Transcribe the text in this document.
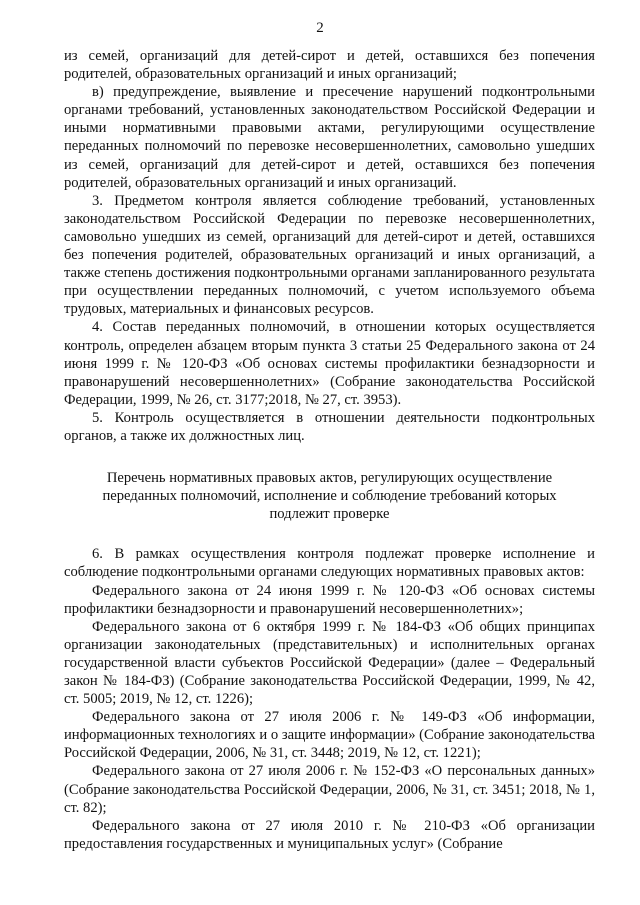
2

из семей, организаций для детей-сирот и детей, оставшихся без попечения родителей, образовательных организаций и иных организаций;

в) предупреждение, выявление и пресечение нарушений подконтрольными органами требований, установленных законодательством Российской Федерации и иными нормативными правовыми актами, регулирующими осуществление переданных полномочий по перевозке несовершеннолетних, самовольно ушедших из семей, организаций для детей-сирот и детей, оставшихся без попечения родителей, образовательных организаций и иных организаций.

3. Предметом контроля является соблюдение требований, установленных законодательством Российской Федерации по перевозке несовершеннолетних, самовольно ушедших из семей, организаций для детей-сирот и детей, оставшихся без попечения родителей, образовательных организаций и иных организаций, а также степень достижения подконтрольными органами запланированного результата при осуществлении переданных полномочий, с учетом используемого объема трудовых, материальных и финансовых ресурсов.

4. Состав переданных полномочий, в отношении которых осуществляется контроль, определен абзацем вторым пункта 3 статьи 25 Федерального закона от 24 июня 1999 г. № 120-ФЗ «Об основах системы профилактики безнадзорности и правонарушений несовершеннолетних» (Собрание законодательства Российской Федерации, 1999, № 26, ст. 3177;2018, № 27, ст. 3953).

5. Контроль осуществляется в отношении деятельности подконтрольных органов, а также их должностных лиц.

Перечень нормативных правовых актов, регулирующих осуществление переданных полномочий, исполнение и соблюдение требований которых подлежит проверке

6. В рамках осуществления контроля подлежат проверке исполнение и соблюдение подконтрольными органами следующих нормативных правовых актов:

Федерального закона от 24 июня 1999 г. № 120-ФЗ «Об основах системы профилактики безнадзорности и правонарушений несовершеннолетних»;

Федерального закона от 6 октября 1999 г. № 184-ФЗ «Об общих принципах организации законодательных (представительных) и исполнительных органах государственной власти субъектов Российской Федерации» (далее – Федеральный закон № 184-ФЗ) (Собрание законодательства Российской Федерации, 1999, № 42, ст. 5005; 2019, № 12, ст. 1226);

Федерального закона от 27 июля 2006 г. № 149-ФЗ «Об информации, информационных технологиях и о защите информации» (Собрание законодательства Российской Федерации, 2006, № 31, ст. 3448; 2019, № 12, ст. 1221);

Федерального закона от 27 июля 2006 г. № 152-ФЗ «О персональных данных» (Собрание законодательства Российской Федерации, 2006, № 31, ст. 3451; 2018, № 1, ст. 82);

Федерального закона от 27 июля 2010 г. № 210-ФЗ «Об организации предоставления государственных и муниципальных услуг» (Собрание
